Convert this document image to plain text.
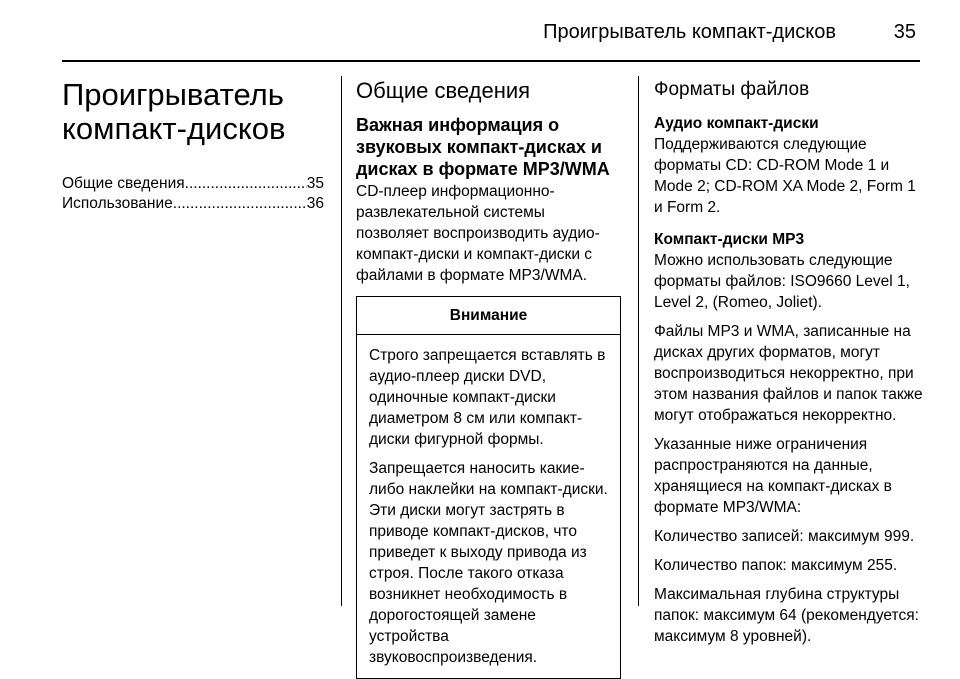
Проигрыватель компакт-дисков	35
Проигрыватель
компакт-дисков
Общие сведения .....	35
Использование .....	36
Общие сведения
Важная информация о звуковых компакт-дисках и дисках в формате MP3/WMA
CD-плеер информационно-развлекательной системы позволяет воспроизводить аудио-компакт-диски и компакт-диски с файлами в формате MP3/WMA.
Внимание

Строго запрещается вставлять в аудио-плеер диски DVD, одиночные компакт-диски диаметром 8 см или компакт-диски фигурной формы.

Запрещается наносить какие-либо наклейки на компакт-диски. Эти диски могут застрять в приводе компакт-дисков, что приведет к выходу привода из строя. После такого отказа возникнет необходимость в дорогостоящей замене устройства звуковоспроизведения.

Форматы файлов
Аудио компакт-диски

Поддерживаются следующие форматы CD: CD-ROM Mode 1 и Mode 2; CD-ROM XA Mode 2, Form 1 и Form 2.

Компакт-диски MP3

Можно использовать следующие форматы файлов: ISO9660 Level 1, Level 2, (Romeo, Joliet).

Файлы MP3 и WMA, записанные на дисках других форматов, могут воспроизводиться некорректно, при этом названия файлов и папок также могут отображаться некорректно.

Указанные ниже ограничения распространяются на данные, хранящиеся на компакт-дисках в формате MP3/WMA:

Количество записей: максимум 999.

Количество папок: максимум 255.

Максимальная глубина структуры папок: максимум 64 (рекомендуется: максимум 8 уровней).
